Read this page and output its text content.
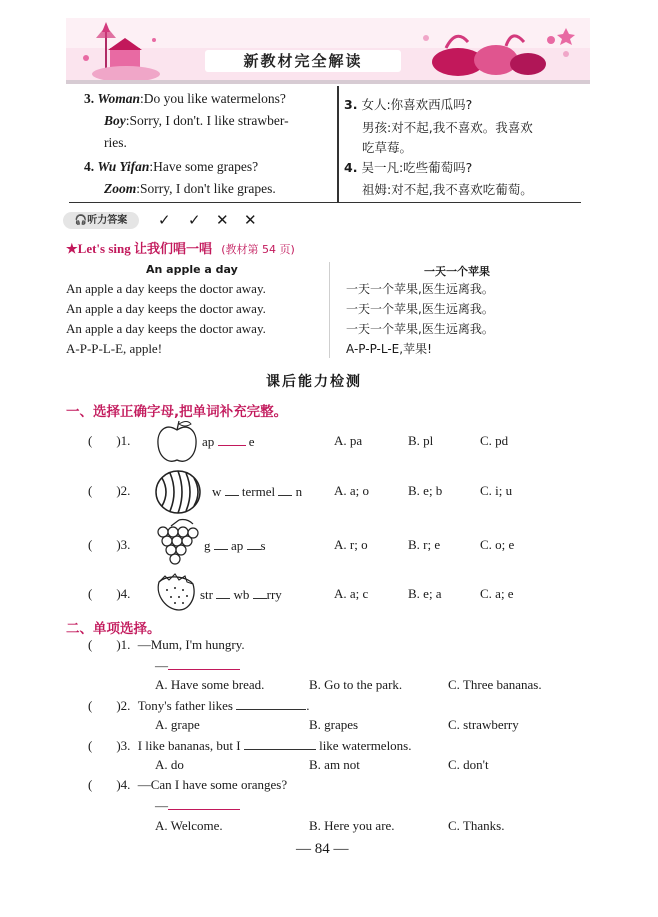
新教材完全解读
3. Woman:Do you like watermelons?
Boy:Sorry, I don't. I like strawber-
ries.
4. Wu Yifan:Have some grapes?
Zoom:Sorry, I don't like grapes.
3. 女人:你喜欢西瓜吗?
男孩:对不起,我不喜欢。我喜欢
吃草莓。
4. 吴一凡:吃些葡萄吗?
祖姆:对不起,我不喜欢吃葡萄。
🎧听力答案	✓ ✓ ✕ ✕
★Let's sing 让我们唱一唱 (教材第 54 页)
An apple a day	一天一个苹果
An apple a day keeps the doctor away.
An apple a day keeps the doctor away.
An apple a day keeps the doctor away.
A-P-P-L-E, apple!
一天一个苹果,医生远离我。
一天一个苹果,医生远离我。
一天一个苹果,医生远离我。
A-P-P-L-E,苹果!
课后能力检测
一、选择正确字母,把单词补充完整。
( )1.	ap	e	A. pa	B. pl	C. pd
( )2.	w termel n A. a; o	B. e; b	C. i; u
( )3.	g ap s	A. r; o	B. r; e	C. o; e
( )4.	str wb rry	A. a; c	B. e; a	C. a; e
二、单项选择。
( )1. —Mum, I'm hungry.
—
A. Have some bread.	B. Go to the park.	C. Three bananas.
( )2. Tony's father likes	.
A. grape	B. grapes	C. strawberry
( )3. I like bananas, but I	like watermelons.
A. do	B. am not	C. don't
( )4. —Can I have some oranges?
—
A. Welcome.	B. Here you are.	C. Thanks.
— 84 —
